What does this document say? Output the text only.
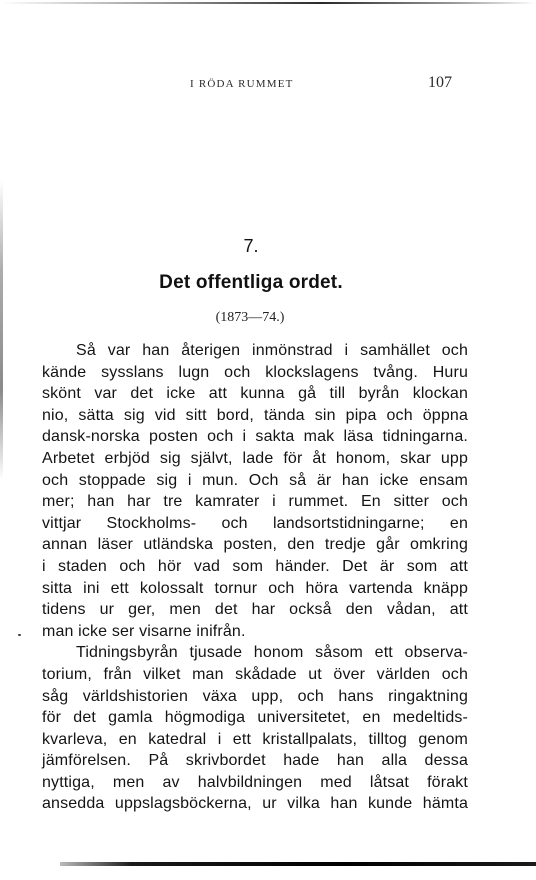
I RÖDA RUMMET	107
7.
Det offentliga ordet.
(1873—74.)
Så var han återigen inmönstrad i samhället och
kände sysslans lugn och klockslagens tvång. Huru
skönt var det icke att kunna gå till byrån klockan
nio, sätta sig vid sitt bord, tända sin pipa och öppna
dansk-norska posten och i sakta mak läsa tidningarna.
Arbetet erbjöd sig självt, lade för åt honom, skar upp
och stoppade sig i mun. Och så är han icke ensam
mer; han har tre kamrater i rummet. En sitter och
vittjar Stockholms- och landsortstidningarne; en
annan läser utländska posten, den tredje går omkring
i staden och hör vad som händer. Det är som att
sitta ini ett kolossalt tornur och höra vartenda knäpp
tidens ur ger, men det har också den vådan, att
man icke ser visarne inifrån.
Tidningsbyrån tjusade honom såsom ett observa-
torium, från vilket man skådade ut över världen och
såg världshistorien växa upp, och hans ringaktning
för det gamla högmodiga universitetet, en medeltids-
kvarleva, en katedral i ett kristallpalats, tilltog genom
jämförelsen. På skrivbordet hade han alla dessa
nyttiga, men av halvbildningen med låtsat förakt
ansedda uppslagsböckerna, ur vilka han kunde hämta
